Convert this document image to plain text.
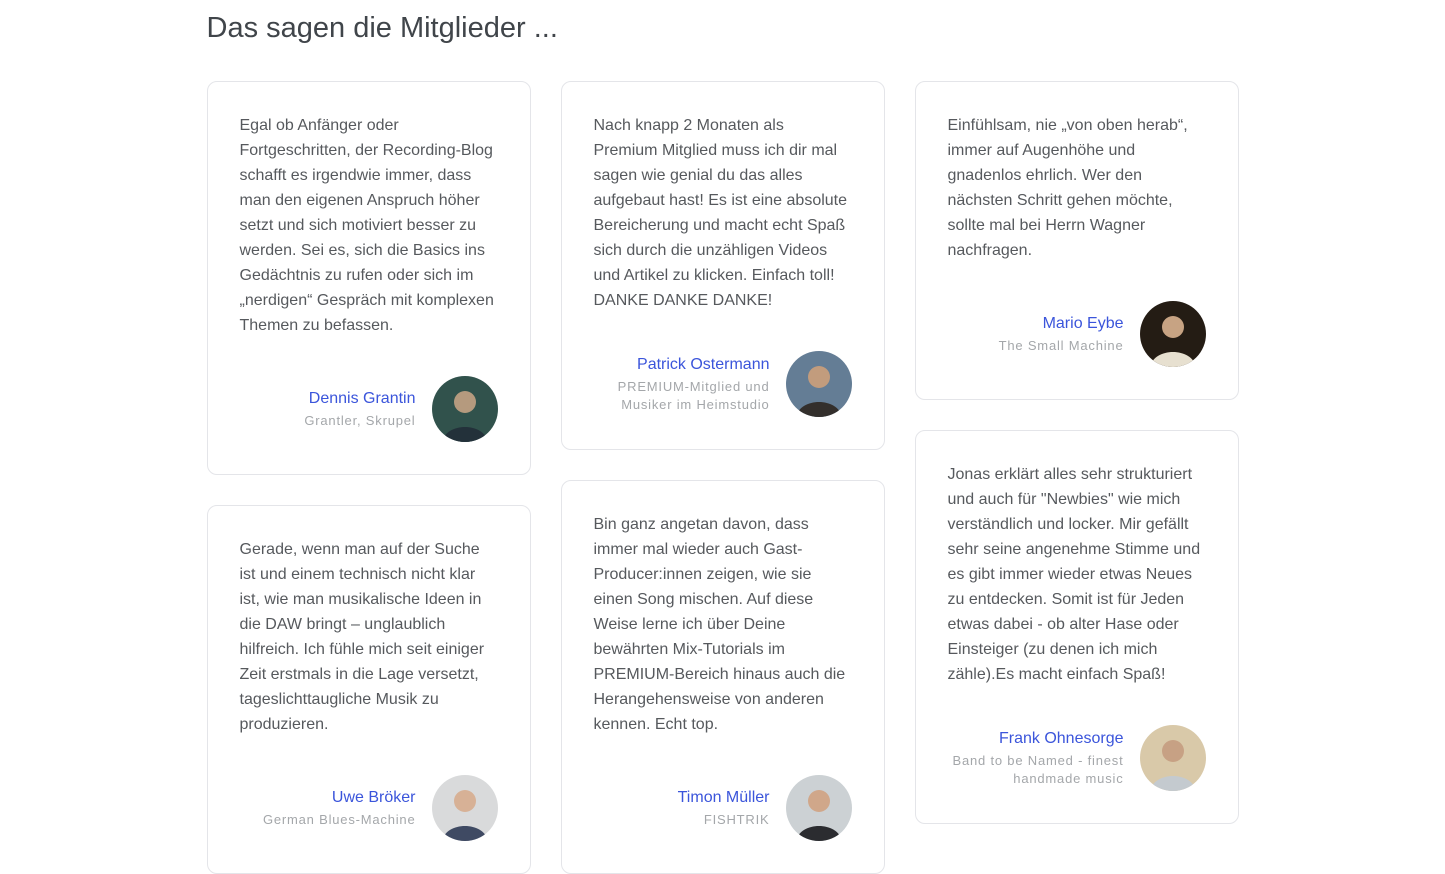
Das sagen die Mitglieder ...

Egal ob Anfänger oder Fortgeschritten, der Recording-Blog schafft es irgendwie immer, dass man den eigenen Anspruch höher setzt und sich motiviert besser zu werden. Sei es, sich die Basics ins Gedächtnis zu rufen oder sich im „nerdigen“ Gespräch mit komplexen Themen zu befassen.

Dennis Grantin
Grantler, Skrupel

Gerade, wenn man auf der Suche ist und einem technisch nicht klar ist, wie man musikalische Ideen in die DAW bringt – unglaublich hilfreich. Ich fühle mich seit einiger Zeit erstmals in die Lage versetzt, tageslichttaugliche Musik zu produzieren.

Uwe Bröker
German Blues-Machine

Nach knapp 2 Monaten als Premium Mitglied muss ich dir mal sagen wie genial du das alles aufgebaut hast! Es ist eine absolute Bereicherung und macht echt Spaß sich durch die unzähligen Videos und Artikel zu klicken. Einfach toll! DANKE DANKE DANKE!

Patrick Ostermann
PREMIUM-Mitglied und Musiker im Heimstudio

Bin ganz angetan davon, dass immer mal wieder auch Gast-Producer:innen zeigen, wie sie einen Song mischen. Auf diese Weise lerne ich über Deine bewährten Mix-Tutorials im PREMIUM-Bereich hinaus auch die Herangehensweise von anderen kennen. Echt top.

Timon Müller
FISHTRIK

Einfühlsam, nie „von oben herab“, immer auf Augenhöhe und gnadenlos ehrlich. Wer den nächsten Schritt gehen möchte, sollte mal bei Herrn Wagner nachfragen.

Mario Eybe
The Small Machine

Jonas erklärt alles sehr strukturiert und auch für "Newbies" wie mich verständlich und locker. Mir gefällt sehr seine angenehme Stimme und es gibt immer wieder etwas Neues zu entdecken. Somit ist für Jeden etwas dabei - ob alter Hase oder Einsteiger (zu denen ich mich zähle).Es macht einfach Spaß!

Frank Ohnesorge
Band to be Named - finest handmade music
